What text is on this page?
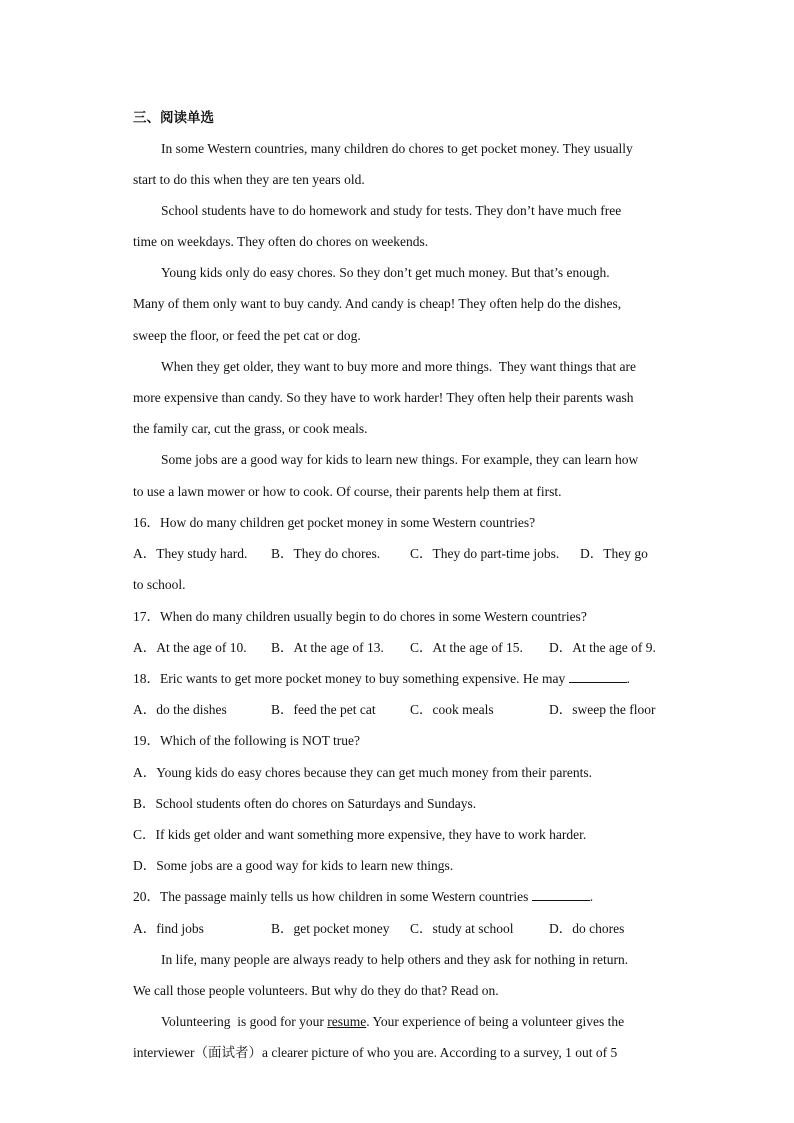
三、阅读单选
In some Western countries, many children do chores to get pocket money. They usually
start to do this when they are ten years old.
School students have to do homework and study for tests. They don’t have much free
time on weekdays. They often do chores on weekends.
Young kids only do easy chores. So they don’t get much money. But that’s enough.
Many of them only want to buy candy. And candy is cheap! They often help do the dishes,
sweep the floor, or feed the pet cat or dog.
When they get older, they want to buy more and more things.  They want things that are
more expensive than candy. So they have to work harder! They often help their parents wash
the family car, cut the grass, or cook meals.
Some jobs are a good way for kids to learn new things. For example, they can learn how
to use a lawn mower or how to cook. Of course, their parents help them at first.
16．How do many children get pocket money in some Western countries?
A．They study hard. B．They do chores. C．They do part-time jobs. D．They go
to school.
17．When do many children usually begin to do chores in some Western countries?
A．At the age of 10. B．At the age of 13. C．At the age of 15. D．At the age of 9.
18．Eric wants to get more pocket money to buy something expensive. He may	.
A．do the dishes	B．feed the pet cat	C．cook meals	D．sweep the floor
19．Which of the following is NOT true?
A．Young kids do easy chores because they can get much money from their parents.
B．School students often do chores on Saturdays and Sundays.
C．If kids get older and want something more expensive, they have to work harder.
D．Some jobs are a good way for kids to learn new things.
20．The passage mainly tells us how children in some Western countries	.
A．find jobs	B．get pocket money C．study at school	D．do chores
In life, many people are always ready to help others and they ask for nothing in return.
We call those people volunteers. But why do they do that? Read on.
Volunteering  is good for your resume. Your experience of being a volunteer gives the
interviewer（面试者）a clearer picture of who you are. According to a survey, 1 out of 5
